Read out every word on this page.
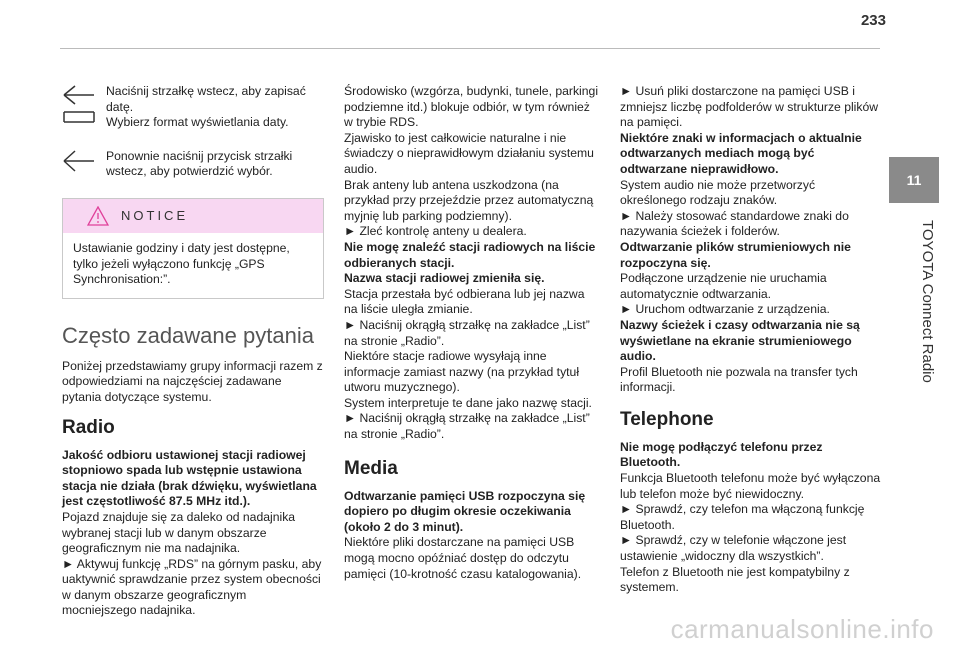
233
11
TOYOTA Connect Radio

Naciśnij strzałkę wstecz, aby zapisać datę.

Wybierz format wyświetlania daty.

Ponownie naciśnij przycisk strzałki wstecz, aby potwierdzić wybór.

NOTICE

Ustawianie godziny i daty jest dostępne, tylko jeżeli wyłączono funkcję „GPS Synchronisation:”.

Często zadawane pytania

Poniżej przedstawiamy grupy informacji razem z odpowiedziami na najczęściej zadawane pytania dotyczące systemu.

Radio

Jakość odbioru ustawionej stacji radiowej stopniowo spada lub wstępnie ustawiona stacja nie działa (brak dźwięku, wyświetlana jest częstotliwość 87.5 MHz itd.).

Pojazd znajduje się za daleko od nadajnika wybranej stacji lub w danym obszarze geograficznym nie ma nadajnika.

► Aktywuj funkcję „RDS” na górnym pasku, aby uaktywnić sprawdzanie przez system obecności w danym obszarze geograficznym mocniejszego nadajnika.

Środowisko (wzgórza, budynki, tunele, parkingi podziemne itd.) blokuje odbiór, w tym również w trybie RDS.

Zjawisko to jest całkowicie naturalne i nie świadczy o nieprawidłowym działaniu systemu audio.

Brak anteny lub antena uszkodzona (na przykład przy przejeździe przez automatyczną myjnię lub parking podziemny).

► Zleć kontrolę anteny u dealera.

Nie mogę znaleźć stacji radiowych na liście odbieranych stacji.

Nazwa stacji radiowej zmieniła się.

Stacja przestała być odbierana lub jej nazwa na liście uległa zmianie.

► Naciśnij okrągłą strzałkę na zakładce „List” na stronie „Radio”.

Niektóre stacje radiowe wysyłają inne informacje zamiast nazwy (na przykład tytuł utworu muzycznego).

System interpretuje te dane jako nazwę stacji.

► Naciśnij okrągłą strzałkę na zakładce „List” na stronie „Radio”.

Media

Odtwarzanie pamięci USB rozpoczyna się dopiero po długim okresie oczekiwania (około 2 do 3 minut).

Niektóre pliki dostarczane na pamięci USB mogą mocno opóźniać dostęp do odczytu pamięci (10-krotność czasu katalogowania).

► Usuń pliki dostarczone na pamięci USB i zmniejsz liczbę podfolderów w strukturze plików na pamięci.

Niektóre znaki w informacjach o aktualnie odtwarzanych mediach mogą być odtwarzane nieprawidłowo.

System audio nie może przetworzyć określonego rodzaju znaków.

► Należy stosować standardowe znaki do nazywania ścieżek i folderów.

Odtwarzanie plików strumieniowych nie rozpoczyna się.

Podłączone urządzenie nie uruchamia automatycznie odtwarzania.

► Uruchom odtwarzanie z urządzenia.

Nazwy ścieżek i czasy odtwarzania nie są wyświetlane na ekranie strumieniowego audio.

Profil Bluetooth nie pozwala na transfer tych informacji.

Telephone

Nie mogę podłączyć telefonu przez Bluetooth.

Funkcja Bluetooth telefonu może być wyłączona lub telefon może być niewidoczny.

► Sprawdź, czy telefon ma włączoną funkcję Bluetooth.

► Sprawdź, czy w telefonie włączone jest ustawienie „widoczny dla wszystkich”.

Telefon z Bluetooth nie jest kompatybilny z systemem.

carmanualsonline.info
